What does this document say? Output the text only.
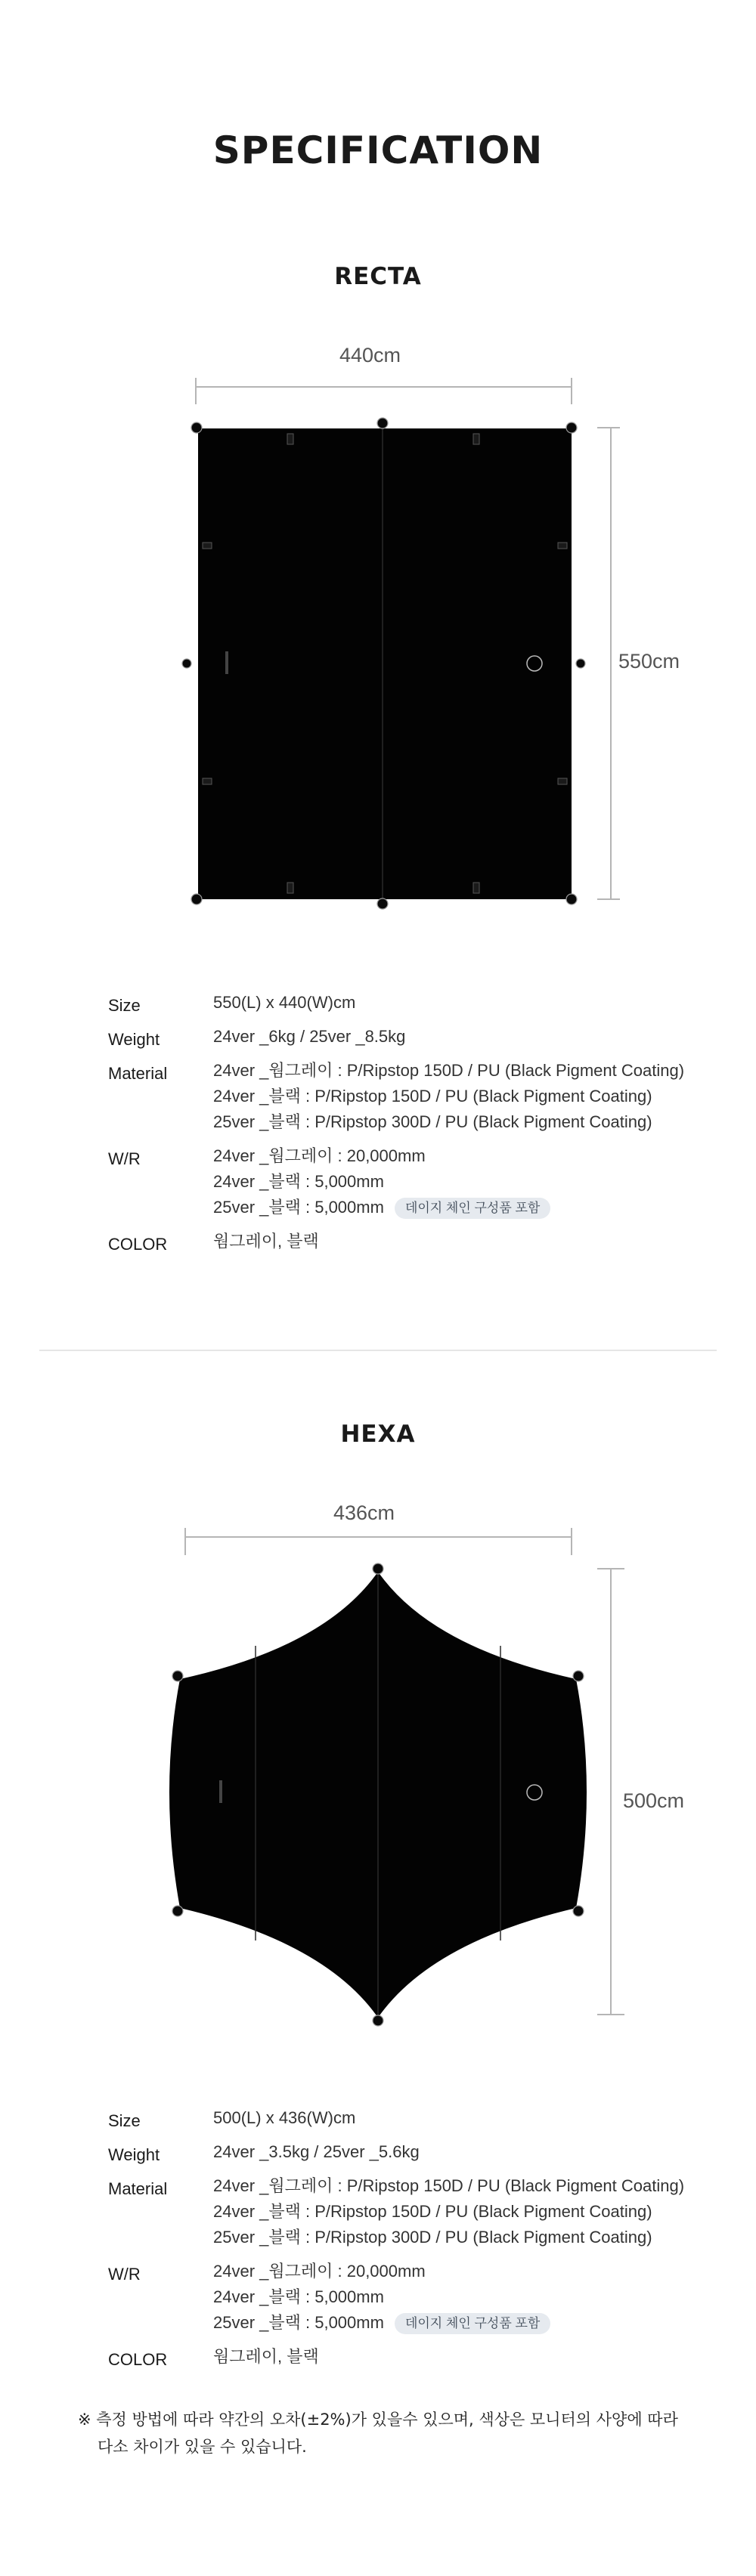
SPECIFICATION
RECTA
440cm
550cm
Size	550(L) x 440(W)cm
Weight	24ver _6kg / 25ver _8.5kg
Material	24ver _웜그레이 : P/Ripstop 150D / PU (Black Pigment Coating)
24ver _블랙 : P/Ripstop 150D / PU (Black Pigment Coating)
25ver _블랙 : P/Ripstop 300D / PU (Black Pigment Coating)
W/R	24ver _웜그레이 : 20,000mm
24ver _블랙 : 5,000mm
25ver _블랙 : 5,000mm 데이지 체인 구성품 포함
COLOR	웜그레이, 블랙
HEXA
436cm
500cm
Size	500(L) x 436(W)cm
Weight	24ver _3.5kg / 25ver _5.6kg
Material	24ver _웜그레이 : P/Ripstop 150D / PU (Black Pigment Coating)
24ver _블랙 : P/Ripstop 150D / PU (Black Pigment Coating)
25ver _블랙 : P/Ripstop 300D / PU (Black Pigment Coating)
W/R	24ver _웜그레이 : 20,000mm
24ver _블랙 : 5,000mm
25ver _블랙 : 5,000mm 데이지 체인 구성품 포함
COLOR	웜그레이, 블랙
※ 측정 방법에 따라 약간의 오차(±2%)가 있을수 있으며, 색상은 모니터의 사양에 따라
다소 차이가 있을 수 있습니다.
